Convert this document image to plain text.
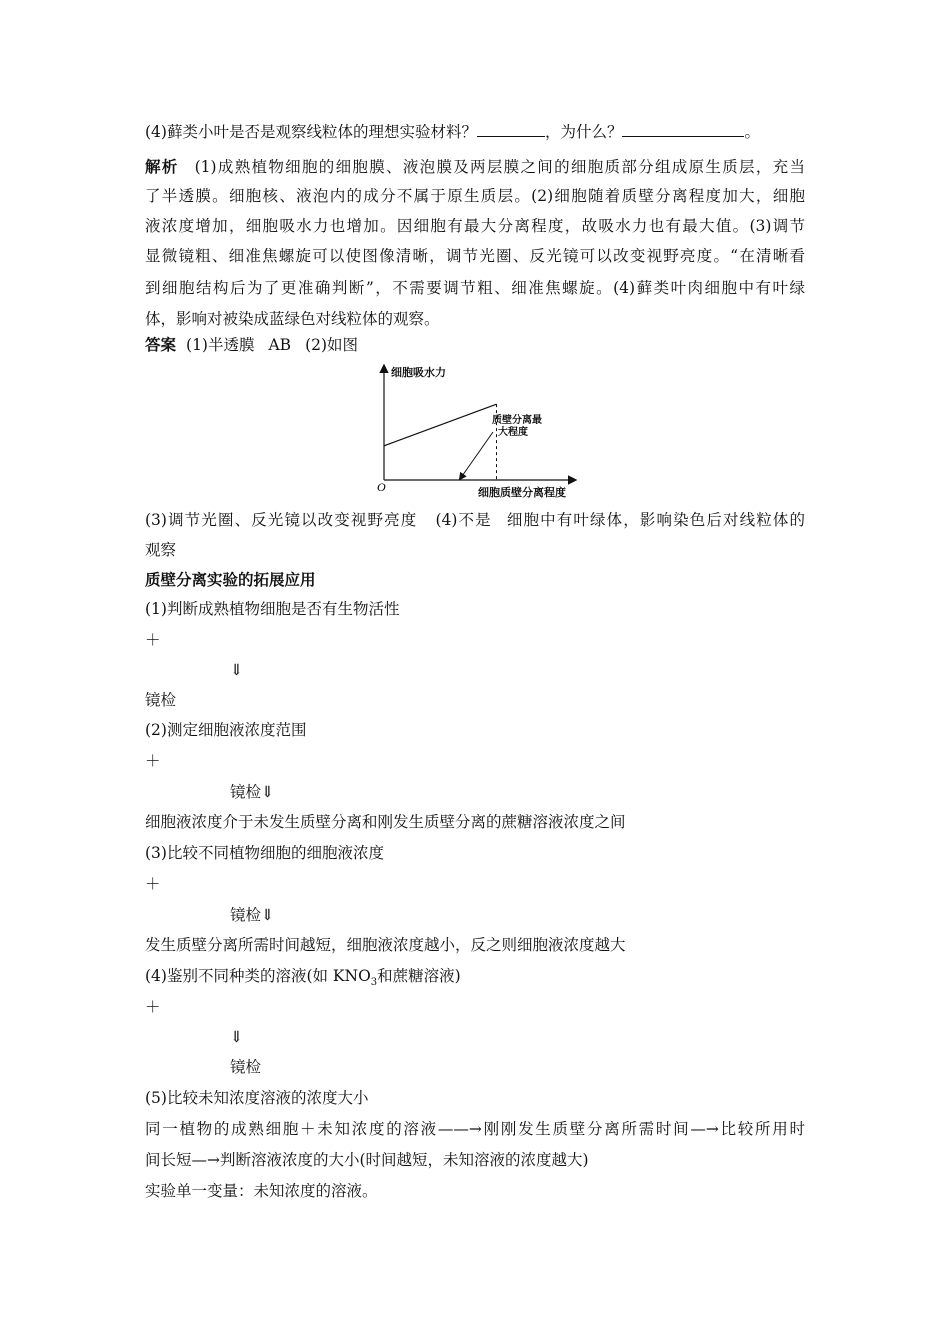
(4)藓类小叶是否是观察线粒体的理想实验材料？	，为什么？	。
解析 (1)成熟植物细胞的细胞膜、液泡膜及两层膜之间的细胞质部分组成原生质层，充当
了半透膜。细胞核、液泡内的成分不属于原生质层。(2)细胞随着质壁分离程度加大，细胞
液浓度增加，细胞吸水力也增加。因细胞有最大分离程度，故吸水力也有最大值。(3)调节
显微镜粗、细准焦螺旋可以使图像清晰，调节光圈、反光镜可以改变视野亮度。“在清晰看
到细胞结构后为了更准确判断”，不需要调节粗、细准焦螺旋。(4)藓类叶肉细胞中有叶绿
体，影响对被染成蓝绿色对线粒体的观察。
答案 (1)半透膜 AB (2)如图
细胞吸水力
细胞质壁分离程度
O
质壁分离最
大程度
(3)调节光圈、反光镜以改变视野亮度 (4)不是 细胞中有叶绿体，影响染色后对线粒体的
观察
质壁分离实验的拓展应用
(1)判断成熟植物细胞是否有生物活性
＋
⇓
镜检
(2)测定细胞液浓度范围
＋
镜检⇓
细胞液浓度介于未发生质壁分离和刚发生质壁分离的蔗糖溶液浓度之间
(3)比较不同植物细胞的细胞液浓度
＋
镜检⇓
发生质壁分离所需时间越短，细胞液浓度越小，反之则细胞液浓度越大
(4)鉴别不同种类的溶液(如 $KNO_3$和蔗糖溶液)
＋
⇓
镜检
(5)比较未知浓度溶液的浓度大小
同一植物的成熟细胞＋未知浓度的溶液——→刚刚发生质壁分离所需时间—→比较所用时
间长短—→判断溶液浓度的大小(时间越短，未知溶液的浓度越大)
实验单一变量：未知浓度的溶液。
